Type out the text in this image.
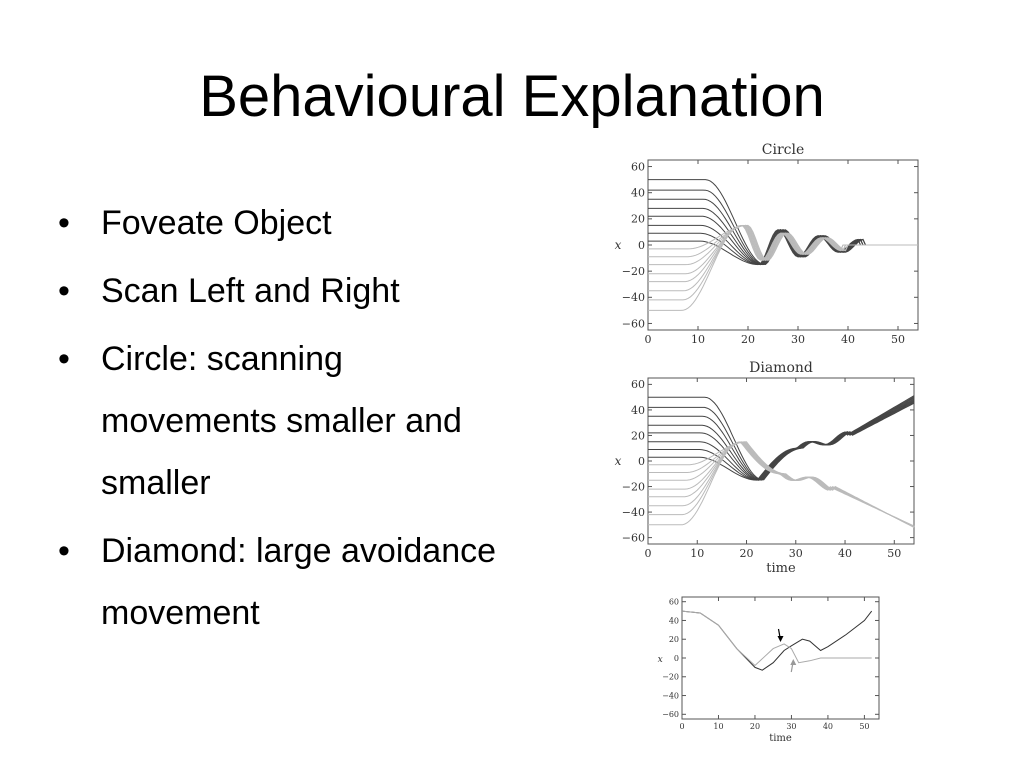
Behavioural Explanation
• Foveate Object
• Scan Left and Right
• Circle: scanning movements smaller and smaller
• Diamond: large avoidance movement
Circle
0	10	20	30	40	50
60
40
20
0
−20
−40
−60
x
Diamond
0	10	20	30	40	50
60
40
20
0
−20
−40
−60
x
time
0	10	20	30	40	50
60
40
20
0
−20
−40
−60
x
time
